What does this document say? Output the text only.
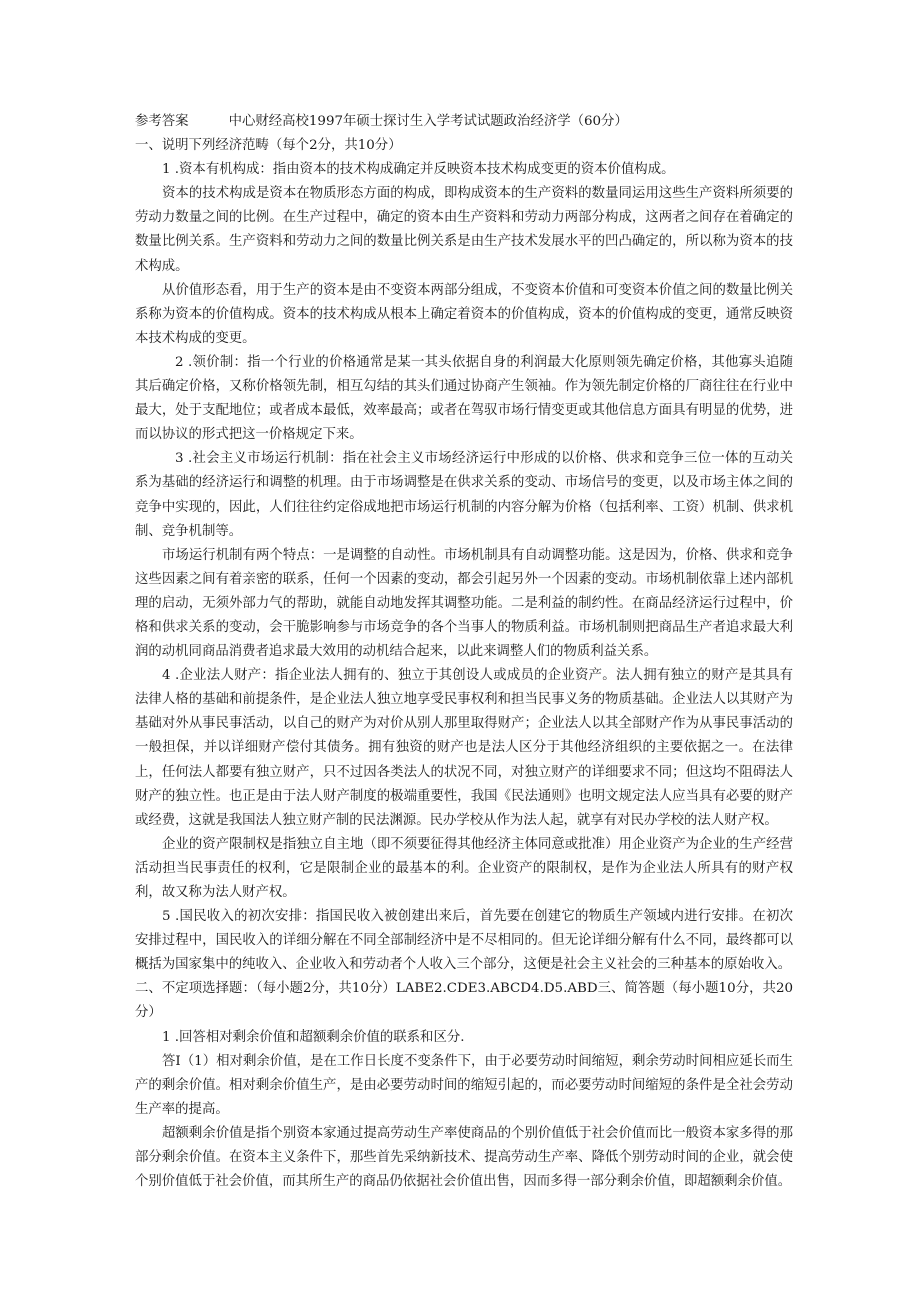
参考答案	中心财经高校1997年硕士探讨生入学考试试题政治经济学（60分）

一、说明下列经济范畴（每个2分，共10分）

1 .资本有机构成：指由资本的技术构成确定并反映资本技术构成变更的资本价值构成。

资本的技术构成是资本在物质形态方面的构成，即构成资本的生产资料的数量同运用这些生产资料所须要的劳动力数量之间的比例。在生产过程中，确定的资本由生产资料和劳动力两部分构成，这两者之间存在着确定的数量比例关系。生产资料和劳动力之间的数量比例关系是由生产技术发展水平的凹凸确定的，所以称为资本的技术构成。

从价值形态看，用于生产的资本是由不变资本两部分组成，不变资本价值和可变资本价值之间的数量比例关系称为资本的价值构成。资本的技术构成从根本上确定着资本的价值构成，资本的价值构成的变更，通常反映资本技术构成的变更。

2 .领价制：指一个行业的价格通常是某一其头依据自身的利润最大化原则领先确定价格，其他寡头追随其后确定价格，又称价格领先制，相互勾结的其头们通过协商产生领袖。作为领先制定价格的厂商往往在行业中最大，处于支配地位；或者成本最低，效率最高；或者在驾驭市场行情变更或其他信息方面具有明显的优势，进而以协议的形式把这一价格规定下来。

3 .社会主义市场运行机制：指在社会主义市场经济运行中形成的以价格、供求和竞争三位一体的互动关系为基础的经济运行和调整的机理。由于市场调整是在供求关系的变动、市场信号的变更，以及市场主体之间的竞争中实现的，因此，人们往往约定俗成地把市场运行机制的内容分解为价格（包括利率、工资）机制、供求机制、竞争机制等。

市场运行机制有两个特点：一是调整的自动性。市场机制具有自动调整功能。这是因为，价格、供求和竞争这些因素之间有着亲密的联系，任何一个因素的变动，都会引起另外一个因素的变动。市场机制依靠上述内部机理的启动，无须外部力气的帮助，就能自动地发挥其调整功能。二是利益的制约性。在商品经济运行过程中，价格和供求关系的变动，会干脆影响参与市场竞争的各个当事人的物质利益。市场机制则把商品生产者追求最大利润的动机同商品消费者追求最大效用的动机结合起来，以此来调整人们的物质利益关系。

4 .企业法人财产：指企业法人拥有的、独立于其创设人或成员的企业资产。法人拥有独立的财产是其具有法律人格的基础和前提条件，是企业法人独立地享受民事权利和担当民事义务的物质基础。企业法人以其财产为基础对外从事民事活动，以自己的财产为对价从别人那里取得财产；企业法人以其全部财产作为从事民事活动的一般担保，并以详细财产偿付其债务。拥有独资的财产也是法人区分于其他经济组织的主要依据之一。在法律上，任何法人都要有独立财产，只不过因各类法人的状况不同，对独立财产的详细要求不同；但这均不阻碍法人财产的独立性。也正是由于法人财产制度的极端重要性，我国《民法通则》也明文规定法人应当具有必要的财产或经费，这就是我国法人独立财产制的民法渊源。民办学校从作为法人起，就享有对民办学校的法人财产权。

企业的资产限制权是指独立自主地（即不须要征得其他经济主体同意或批准）用企业资产为企业的生产经营活动担当民事责任的权利，它是限制企业的最基本的利。企业资产的限制权，是作为企业法人所具有的财产权利，故又称为法人财产权。

5 .国民收入的初次安排：指国民收入被创建出来后，首先要在创建它的物质生产领域内进行安排。在初次安排过程中，国民收入的详细分解在不同全部制经济中是不尽相同的。但无论详细分解有什么不同，最终都可以概括为国家集中的纯收入、企业收入和劳动者个人收入三个部分，这便是社会主义社会的三种基本的原始收入。

二、不定项选择题：（每小题2分，共10分）LABE2.CDE3.ABCD4.D5.ABD三、简答题（每小题10分，共20分）

1 .回答相对剩余价值和超额剩余价值的联系和区分.

答I（1）相对剩余价值，是在工作日长度不变条件下，由于必要劳动时间缩短，剩余劳动时间相应延长而生产的剩余价值。相对剩余价值生产，是由必要劳动时间的缩短引起的，而必要劳动时间缩短的条件是全社会劳动生产率的提高。

超额剩余价值是指个别资本家通过提高劳动生产率使商品的个别价值低于社会价值而比一般资本家多得的那部分剩余价值。在资本主义条件下，那些首先采纳新技术、提高劳动生产率、降低个别劳动时间的企业，就会使个别价值低于社会价值，而其所生产的商品仍依据社会价值出售，因而多得一部分剩余价值，即超额剩余价值。
